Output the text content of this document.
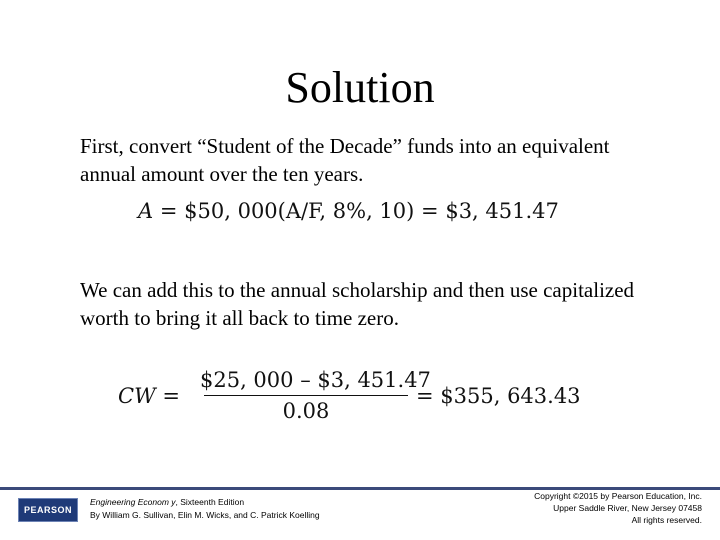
Solution
First, convert “Student of the Decade” funds into an equivalent annual amount over the ten years.
A = $50, 000(A/F, 8%, 10) = $3, 451.47
We can add this to the annual scholarship and then use capitalized worth to bring it all back to time zero.
CW =
$25, 000 – $3, 451.47
0.08
= $355, 643.43
PEARSON
Engineering Econom y, Sixteenth Edition
By William G. Sullivan, Elin M. Wicks, and C. Patrick Koelling
Copyright ©2015 by Pearson Education, Inc.
Upper Saddle River, New Jersey 07458
All rights reserved.
